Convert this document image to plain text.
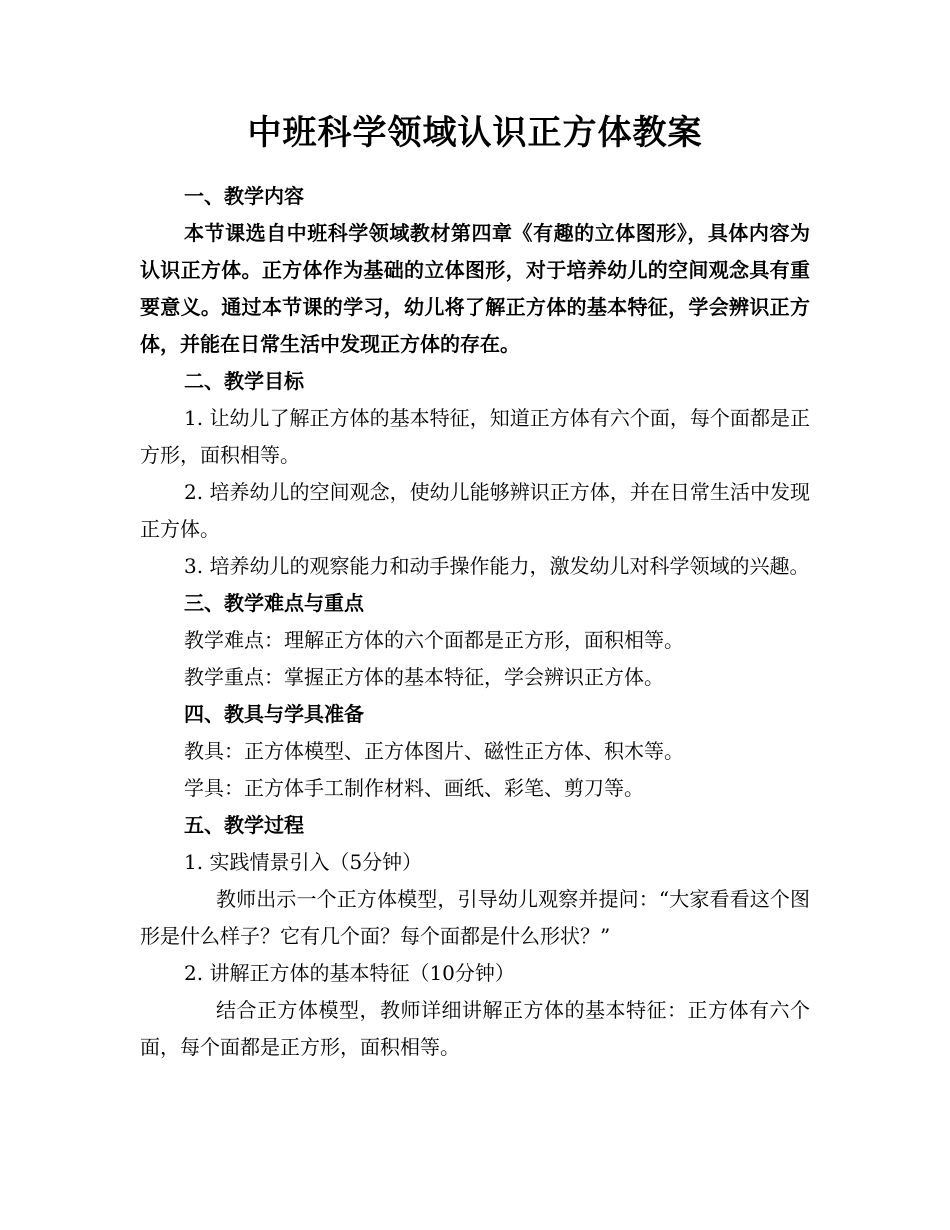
中班科学领域认识正方体教案

一、教学内容

本节课选自中班科学领域教材第四章《有趣的立体图形》，具体内容为认识正方体。正方体作为基础的立体图形，对于培养幼儿的空间观念具有重要意义。通过本节课的学习，幼儿将了解正方体的基本特征，学会辨识正方体，并能在日常生活中发现正方体的存在。

二、教学目标

1. 让幼儿了解正方体的基本特征，知道正方体有六个面，每个面都是正方形，面积相等。

2. 培养幼儿的空间观念，使幼儿能够辨识正方体，并在日常生活中发现正方体。

3. 培养幼儿的观察能力和动手操作能力，激发幼儿对科学领域的兴趣。

三、教学难点与重点

教学难点：理解正方体的六个面都是正方形，面积相等。

教学重点：掌握正方体的基本特征，学会辨识正方体。

四、教具与学具准备

教具：正方体模型、正方体图片、磁性正方体、积木等。

学具：正方体手工制作材料、画纸、彩笔、剪刀等。

五、教学过程

1. 实践情景引入（5分钟）

教师出示一个正方体模型，引导幼儿观察并提问：“大家看看这个图形是什么样子？它有几个面？每个面都是什么形状？”

2. 讲解正方体的基本特征（10分钟）

结合正方体模型，教师详细讲解正方体的基本特征：正方体有六个面，每个面都是正方形，面积相等。
